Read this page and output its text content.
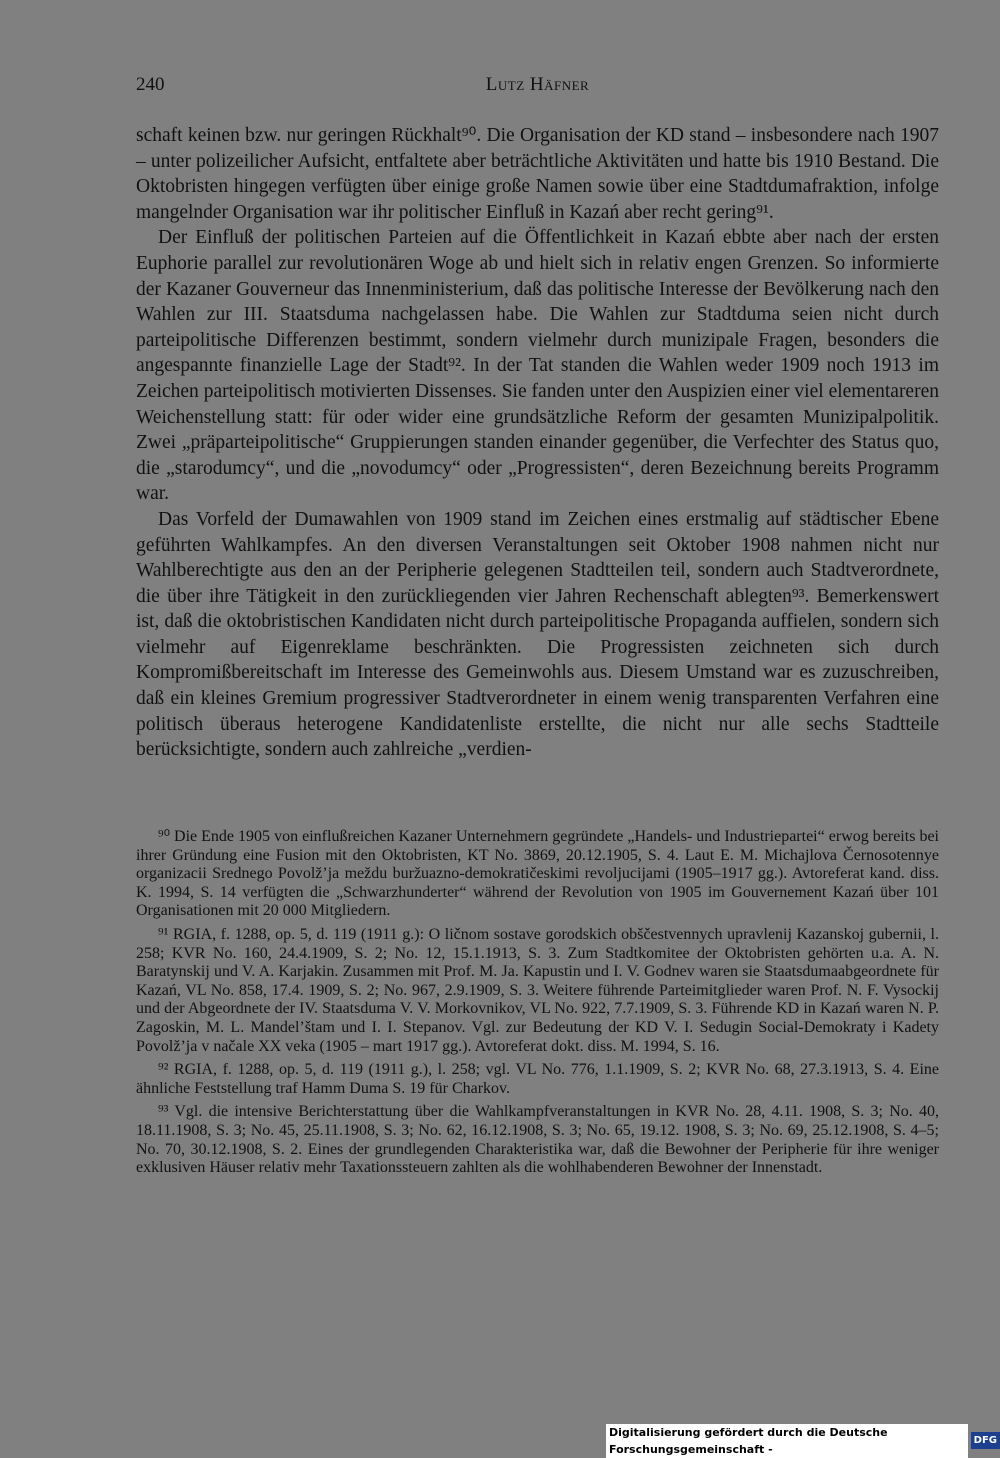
240	Lutz Häfner

schaft keinen bzw. nur geringen Rückhalt⁹⁰. Die Organisation der KD stand – insbesondere nach 1907 – unter polizeilicher Aufsicht, entfaltete aber beträchtliche Aktivitäten und hatte bis 1910 Bestand. Die Oktobristen hingegen verfügten über einige große Namen sowie über eine Stadtdumafraktion, infolge mangelnder Organisation war ihr politischer Einfluß in Kazań aber recht gering⁹¹.

Der Einfluß der politischen Parteien auf die Öffentlichkeit in Kazań ebbte aber nach der ersten Euphorie parallel zur revolutionären Woge ab und hielt sich in relativ engen Grenzen. So informierte der Kazaner Gouverneur das Innenministerium, daß das politische Interesse der Bevölkerung nach den Wahlen zur III. Staatsduma nachgelassen habe. Die Wahlen zur Stadtduma seien nicht durch parteipolitische Differenzen bestimmt, sondern vielmehr durch munizipale Fragen, besonders die angespannte finanzielle Lage der Stadt⁹². In der Tat standen die Wahlen weder 1909 noch 1913 im Zeichen parteipolitisch motivierten Dissenses. Sie fanden unter den Auspizien einer viel elementareren Weichenstellung statt: für oder wider eine grundsätzliche Reform der gesamten Munizipalpolitik. Zwei „präparteipolitische“ Gruppierungen standen einander gegenüber, die Verfechter des Status quo, die „starodumcy“, und die „novodumcy“ oder „Progressisten“, deren Bezeichnung bereits Programm war.

Das Vorfeld der Dumawahlen von 1909 stand im Zeichen eines erstmalig auf städtischer Ebene geführten Wahlkampfes. An den diversen Veranstaltungen seit Oktober 1908 nahmen nicht nur Wahlberechtigte aus den an der Peripherie gelegenen Stadtteilen teil, sondern auch Stadtverordnete, die über ihre Tätigkeit in den zurückliegenden vier Jahren Rechenschaft ablegten⁹³. Bemerkenswert ist, daß die oktobristischen Kandidaten nicht durch parteipolitische Propaganda auffielen, sondern sich vielmehr auf Eigenreklame beschränkten. Die Progressisten zeichneten sich durch Kompromißbereitschaft im Interesse des Gemeinwohls aus. Diesem Umstand war es zuzuschreiben, daß ein kleines Gremium progressiver Stadtverordneter in einem wenig transparenten Verfahren eine politisch überaus heterogene Kandidatenliste erstellte, die nicht nur alle sechs Stadtteile berücksichtigte, sondern auch zahlreiche „verdien-

⁹⁰ Die Ende 1905 von einflußreichen Kazaner Unternehmern gegründete „Handels- und Industriepartei“ erwog bereits bei ihrer Gründung eine Fusion mit den Oktobristen, KT No. 3869, 20.12.1905, S. 4. Laut E. M. Michajlova Černosotennye organizacii Srednego Povolž’ja meždu buržuazno-demokratičeskimi revoljucijami (1905–1917 gg.). Avtoreferat kand. diss. K. 1994, S. 14 verfügten die „Schwarzhunderter“ während der Revolution von 1905 im Gouvernement Kazań über 101 Organisationen mit 20 000 Mitgliedern.

⁹¹ RGIA, f. 1288, op. 5, d. 119 (1911 g.): O ličnom sostave gorodskich obščestvennych upravlenij Kazanskoj gubernii, l. 258; KVR No. 160, 24.4.1909, S. 2; No. 12, 15.1.1913, S. 3. Zum Stadtkomitee der Oktobristen gehörten u.a. A. N. Baratynskij und V. A. Karjakin. Zusammen mit Prof. M. Ja. Kapustin und I. V. Godnev waren sie Staatsdumaabgeordnete für Kazań, VL No. 858, 17.4. 1909, S. 2; No. 967, 2.9.1909, S. 3. Weitere führende Parteimitglieder waren Prof. N. F. Vysockij und der Abgeordnete der IV. Staatsduma V. V. Morkovnikov, VL No. 922, 7.7.1909, S. 3. Führende KD in Kazań waren N. P. Zagoskin, M. L. Mandel’štam und I. I. Stepanov. Vgl. zur Bedeutung der KD V. I. Sedugin Social-Demokraty i Kadety Povolž’ja v načale XX veka (1905 – mart 1917 gg.). Avtoreferat dokt. diss. M. 1994, S. 16.

⁹² RGIA, f. 1288, op. 5, d. 119 (1911 g.), l. 258; vgl. VL No. 776, 1.1.1909, S. 2; KVR No. 68, 27.3.1913, S. 4. Eine ähnliche Feststellung traf Hamm Duma S. 19 für Charkov.

⁹³ Vgl. die intensive Berichterstattung über die Wahlkampfveranstaltungen in KVR No. 28, 4.11. 1908, S. 3; No. 40, 18.11.1908, S. 3; No. 45, 25.11.1908, S. 3; No. 62, 16.12.1908, S. 3; No. 65, 19.12. 1908, S. 3; No. 69, 25.12.1908, S. 4–5; No. 70, 30.12.1908, S. 2. Eines der grundlegenden Charakteristika war, daß die Bewohner der Peripherie für ihre weniger exklusiven Häuser relativ mehr Taxationssteuern zahlten als die wohlhabenderen Bewohner der Innenstadt.

Digitalisierung gefördert durch die Deutsche Forschungsgemeinschaft -
DFG
